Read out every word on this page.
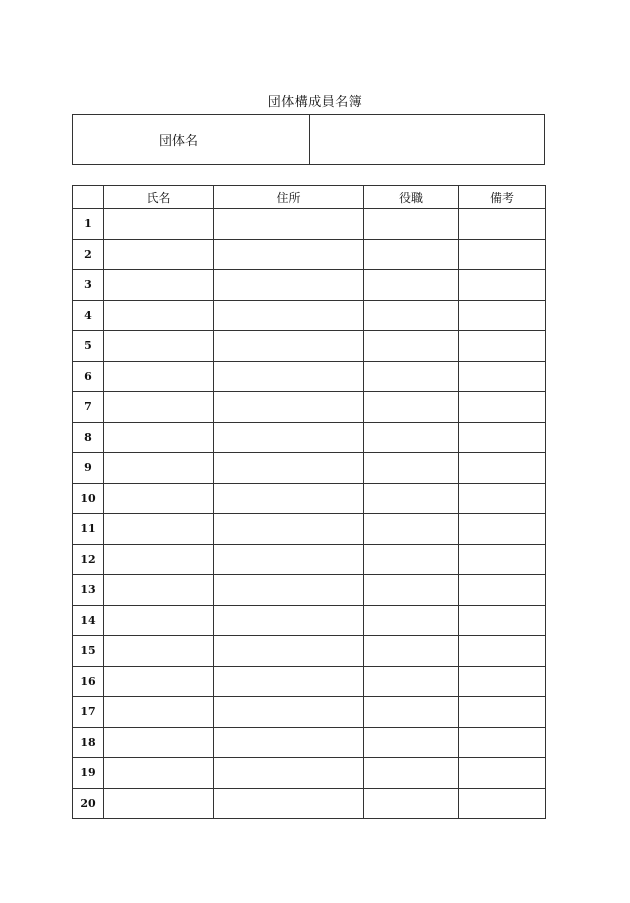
団体構成員名簿
団体名	
	氏名	住所	役職	備考
1				
2				
3				
4				
5				
6				
7				
8				
9				
10				
11				
12				
13				
14				
15				
16				
17				
18				
19				
20				
